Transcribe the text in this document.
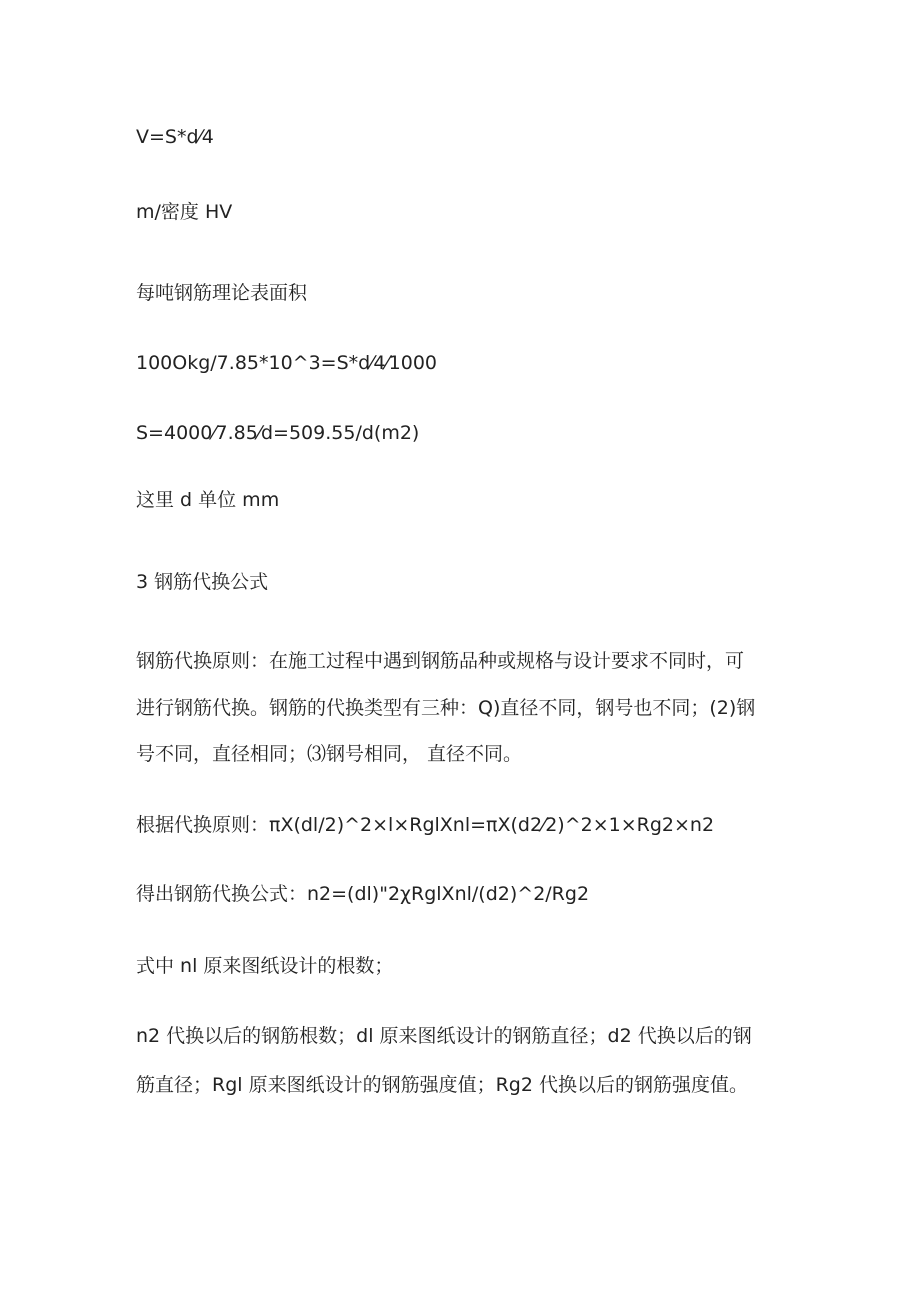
V=S*d⁄4

m/密度 HV

每吨钢筋理论表面积

100Okg/7.85*10^3=S*d⁄4⁄1000

S=4000⁄7.85⁄d=509.55/d(m2)

这里 d 单位 mm

3 钢筋代换公式

钢筋代换原则：在施工过程中遇到钢筋品种或规格与设计要求不同时，可

进行钢筋代换。钢筋的代换类型有三种：Q)直径不同，钢号也不同；(2)钢

号不同，直径相同；⑶钢号相同， 直径不同。

根据代换原则：πX(dl/2)^2×l×RglXnl=πX(d2⁄2)^2×1×Rg2×n2

得出钢筋代换公式：n2=(dl)"2χRglXnl/(d2)^2/Rg2

式中 nl 原来图纸设计的根数；

n2 代换以后的钢筋根数；dl 原来图纸设计的钢筋直径；d2 代换以后的钢

筋直径；Rgl 原来图纸设计的钢筋强度值；Rg2 代换以后的钢筋强度值。
